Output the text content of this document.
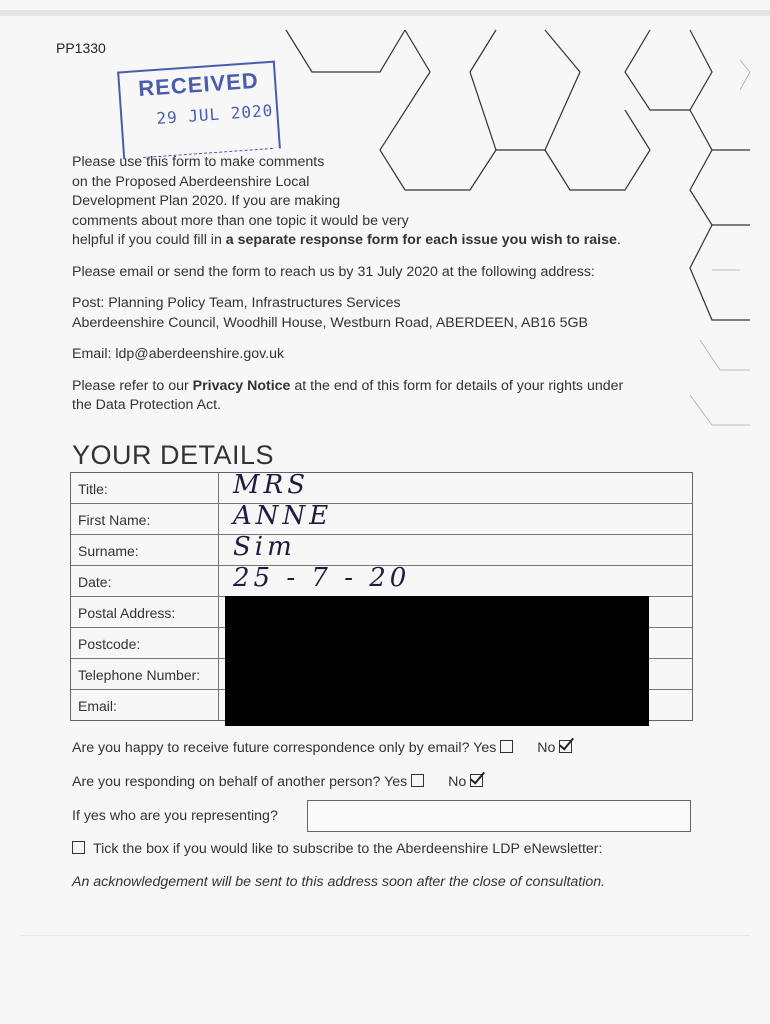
PP1330
RECEIVED
29 JUL 2020

Please use this form to make comments
on the Proposed Aberdeenshire Local
Development Plan 2020. If you are making
comments about more than one topic it would be very
helpful if you could fill in a separate response form for each issue you wish to raise.

Please email or send the form to reach us by 31 July 2020 at the following address:

Post: Planning Policy Team, Infrastructures Services
Aberdeenshire Council, Woodhill House, Westburn Road, ABERDEEN, AB16 5GB

Email: ldp@aberdeenshire.gov.uk

Please refer to our Privacy Notice at the end of this form for details of your rights under
the Data Protection Act.

YOUR DETAILS
Title:	MRS
First Name:	ANNE
Surname:	Sim
Date:	25 - 7 - 20
Postal Address:
Postcode:
Telephone Number:
Email:
Are you happy to receive future correspondence only by email? Yes	No
Are you responding on behalf of another person? Yes	No
If yes who are you representing?
Tick the box if you would like to subscribe to the Aberdeenshire LDP eNewsletter:
An acknowledgement will be sent to this address soon after the close of consultation.
